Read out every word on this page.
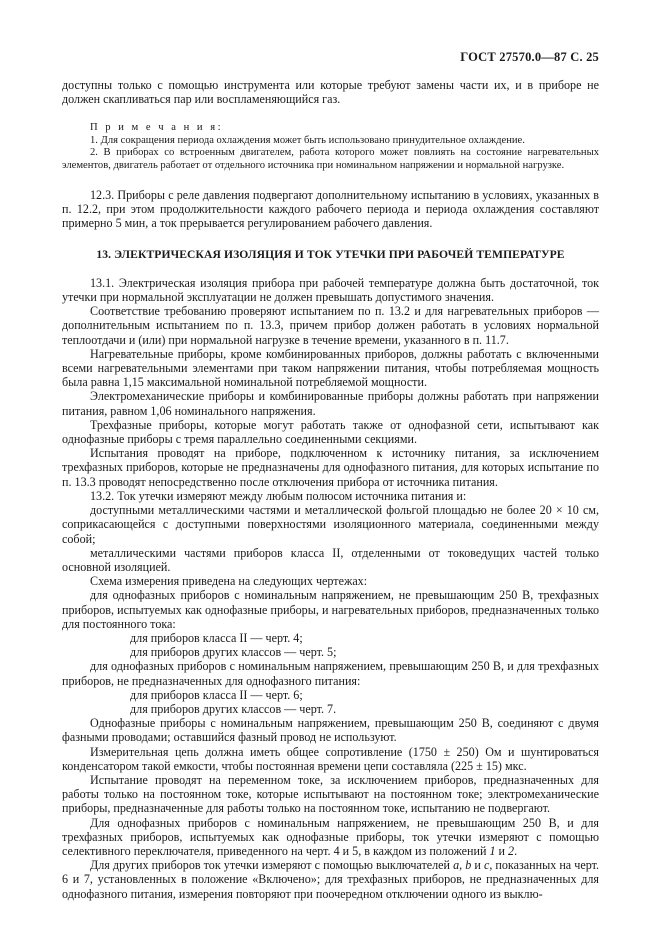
ГОСТ 27570.0—87 С. 25

доступны только с помощью инструмента или которые требуют замены части их, и в приборе не должен скапливаться пар или воспламеняющийся газ.

П р и м е ч а н и я:

1. Для сокращения периода охлаждения может быть использовано принудительное охлаждение.

2. В приборах со встроенным двигателем, работа которого может повлиять на состояние нагревательных элементов, двигатель работает от отдельного источника при номинальном напряжении и нормальной нагрузке.

12.3. Приборы с реле давления подвергают дополнительному испытанию в условиях, указанных в п. 12.2, при этом продолжительности каждого рабочего периода и периода охлаждения составляют примерно 5 мин, а ток прерывается регулированием рабочего давления.

13. ЭЛЕКТРИЧЕСКАЯ ИЗОЛЯЦИЯ И ТОК УТЕЧКИ ПРИ РАБОЧЕЙ ТЕМПЕРАТУРЕ

13.1. Электрическая изоляция прибора при рабочей температуре должна быть достаточной, ток утечки при нормальной эксплуатации не должен превышать допустимого значения.

Соответствие требованию проверяют испытанием по п. 13.2 и для нагревательных приборов — дополнительным испытанием по п. 13.3, причем прибор должен работать в условиях нормальной теплоотдачи и (или) при нормальной нагрузке в течение времени, указанного в п. 11.7.

Нагревательные приборы, кроме комбинированных приборов, должны работать с включенными всеми нагревательными элементами при таком напряжении питания, чтобы потребляемая мощность была равна 1,15 максимальной номинальной потребляемой мощности.

Электромеханические приборы и комбинированные приборы должны работать при напряжении питания, равном 1,06 номинального напряжения.

Трехфазные приборы, которые могут работать также от однофазной сети, испытывают как однофазные приборы с тремя параллельно соединенными секциями.

Испытания проводят на приборе, подключенном к источнику питания, за исключением трехфазных приборов, которые не предназначены для однофазного питания, для которых испытание по п. 13.3 проводят непосредственно после отключения прибора от источника питания.

13.2. Ток утечки измеряют между любым полюсом источника питания и:

доступными металлическими частями и металлической фольгой площадью не более 20 × 10 см, соприкасающейся с доступными поверхностями изоляционного материала, соединенными между собой;

металлическими частями приборов класса II, отделенными от токоведущих частей только основной изоляцией.

Схема измерения приведена на следующих чертежах:

для однофазных приборов с номинальным напряжением, не превышающим 250 В, трехфазных приборов, испытуемых как однофазные приборы, и нагревательных приборов, предназначенных только для постоянного тока:

для приборов класса II — черт. 4;

для приборов других классов — черт. 5;

для однофазных приборов с номинальным напряжением, превышающим 250 В, и для трехфазных приборов, не предназначенных для однофазного питания:

для приборов класса II — черт. 6;

для приборов других классов — черт. 7.

Однофазные приборы с номинальным напряжением, превышающим 250 В, соединяют с двумя фазными проводами; оставшийся фазный провод не используют.

Измерительная цепь должна иметь общее сопротивление (1750 ± 250) Ом и шунтироваться конденсатором такой емкости, чтобы постоянная времени цепи составляла (225 ± 15) мкс.

Испытание проводят на переменном токе, за исключением приборов, предназначенных для работы только на постоянном токе, которые испытывают на постоянном токе; электромеханические приборы, предназначенные для работы только на постоянном токе, испытанию не подвергают.

Для однофазных приборов с номинальным напряжением, не превышающим 250 В, и для трехфазных приборов, испытуемых как однофазные приборы, ток утечки измеряют с помощью селективного переключателя, приведенного на черт. 4 и 5, в каждом из положений 1 и 2.

Для других приборов ток утечки измеряют с помощью выключателей a, b и c, показанных на черт. 6 и 7, установленных в положение «Включено»; для трехфазных приборов, не предназначенных для однофазного питания, измерения повторяют при поочередном отключении одного из выклю-
